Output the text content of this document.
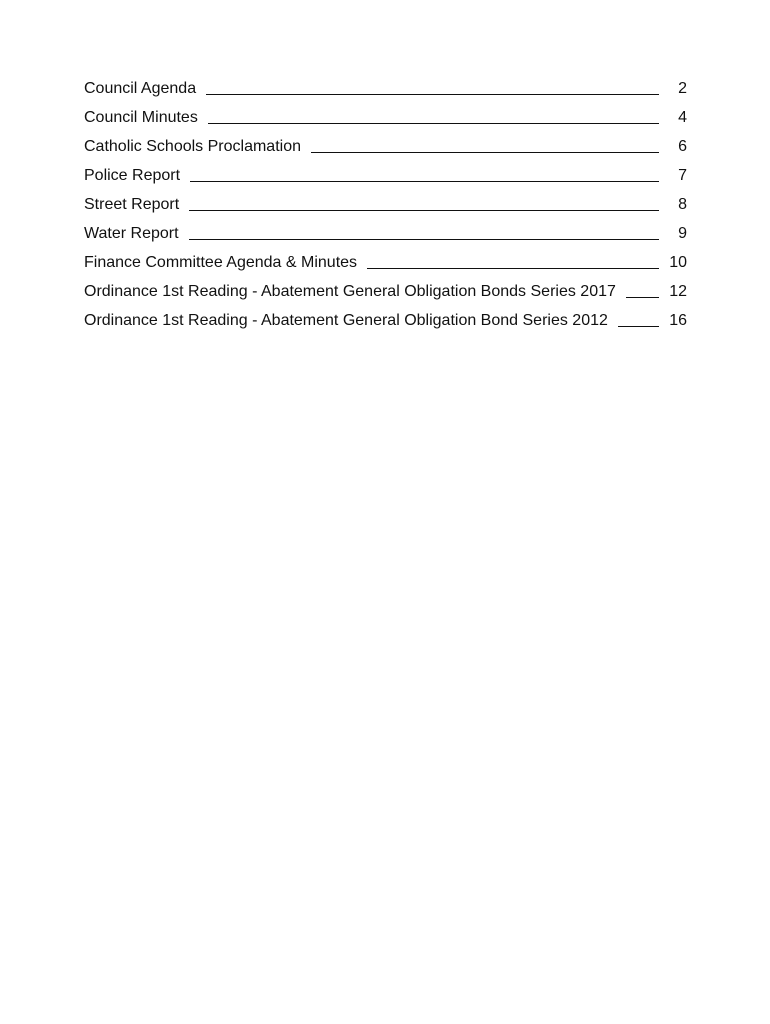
Council Agenda	2
Council Minutes	4
Catholic Schools Proclamation	6
Police Report	7
Street Report	8
Water Report	9
Finance Committee Agenda & Minutes	10
Ordinance 1st Reading - Abatement General Obligation Bonds Series 2017	12
Ordinance 1st Reading - Abatement General Obligation Bond Series 2012	16
